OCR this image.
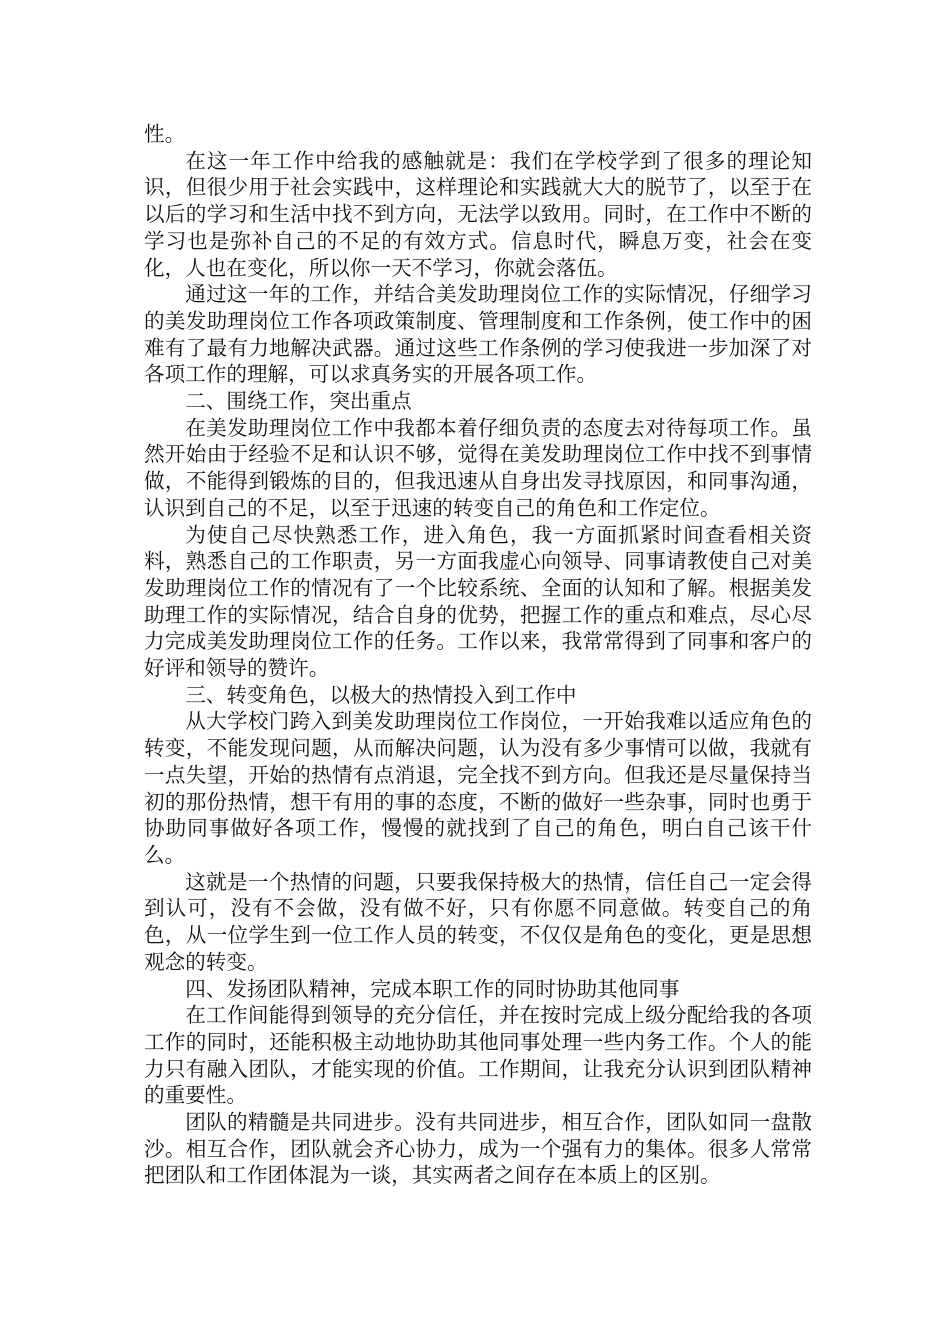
性。

在这一年工作中给我的感触就是：我们在学校学到了很多的理论知识，但很少用于社会实践中，这样理论和实践就大大的脱节了，以至于在以后的学习和生活中找不到方向，无法学以致用。同时，在工作中不断的学习也是弥补自己的不足的有效方式。信息时代，瞬息万变，社会在变化，人也在变化，所以你一天不学习，你就会落伍。

通过这一年的工作，并结合美发助理岗位工作的实际情况，仔细学习的美发助理岗位工作各项政策制度、管理制度和工作条例，使工作中的困难有了最有力地解决武器。通过这些工作条例的学习使我进一步加深了对各项工作的理解，可以求真务实的开展各项工作。

二、围绕工作，突出重点

在美发助理岗位工作中我都本着仔细负责的态度去对待每项工作。虽然开始由于经验不足和认识不够，觉得在美发助理岗位工作中找不到事情做，不能得到锻炼的目的，但我迅速从自身出发寻找原因，和同事沟通，认识到自己的不足，以至于迅速的转变自己的角色和工作定位。

为使自己尽快熟悉工作，进入角色，我一方面抓紧时间查看相关资料，熟悉自己的工作职责，另一方面我虚心向领导、同事请教使自己对美发助理岗位工作的情况有了一个比较系统、全面的认知和了解。根据美发助理工作的实际情况，结合自身的优势，把握工作的重点和难点，尽心尽力完成美发助理岗位工作的任务。工作以来，我常常得到了同事和客户的好评和领导的赞许。

三、转变角色，以极大的热情投入到工作中

从大学校门跨入到美发助理岗位工作岗位，一开始我难以适应角色的转变，不能发现问题，从而解决问题，认为没有多少事情可以做，我就有一点失望，开始的热情有点消退，完全找不到方向。但我还是尽量保持当初的那份热情，想干有用的事的态度，不断的做好一些杂事，同时也勇于协助同事做好各项工作，慢慢的就找到了自己的角色，明白自己该干什么。

这就是一个热情的问题，只要我保持极大的热情，信任自己一定会得到认可，没有不会做，没有做不好，只有你愿不同意做。转变自己的角色，从一位学生到一位工作人员的转变，不仅仅是角色的变化，更是思想观念的转变。

四、发扬团队精神，完成本职工作的同时协助其他同事

在工作间能得到领导的充分信任，并在按时完成上级分配给我的各项工作的同时，还能积极主动地协助其他同事处理一些内务工作。个人的能力只有融入团队，才能实现的价值。工作期间，让我充分认识到团队精神的重要性。

团队的精髓是共同进步。没有共同进步，相互合作，团队如同一盘散沙。相互合作，团队就会齐心协力，成为一个强有力的集体。很多人常常把团队和工作团体混为一谈，其实两者之间存在本质上的区别。
